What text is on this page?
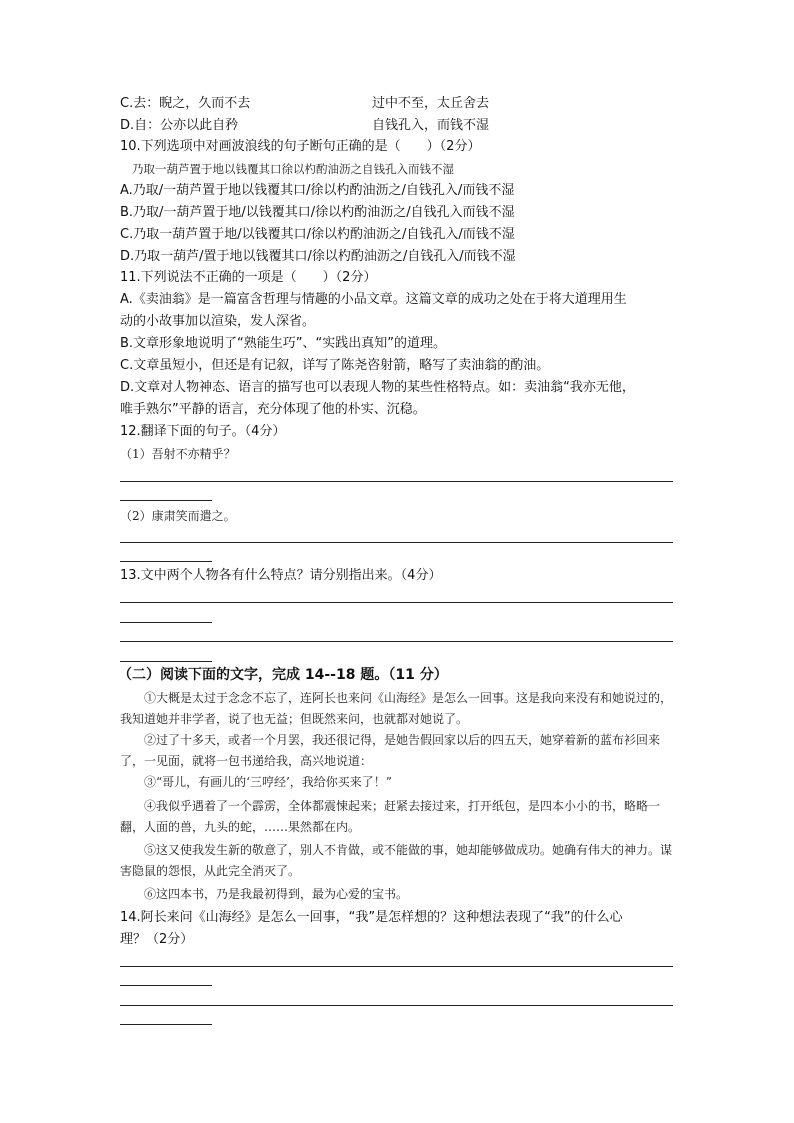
C.去：睨之，久而不去	过中不至，太丘舍去
D.自：公亦以此自矜	自钱孔入，而钱不湿
10.下列选项中对画波浪线的句子断句正确的是（　　）（2分）
乃取一葫芦置于地以钱覆其口徐以杓酌油沥之自钱孔入而钱不湿
A.乃取/一葫芦置于地以钱覆其口/徐以杓酌油沥之/自钱孔入/而钱不湿
B.乃取/一葫芦置于地/以钱覆其口/徐以杓酌油沥之/自钱孔入而钱不湿
C.乃取一葫芦置于地/以钱覆其口/徐以杓酌油沥之/自钱孔入/而钱不湿
D.乃取一葫芦/置于地以钱覆其口/徐以杓酌油沥之/自钱孔入/而钱不湿
11.下列说法不正确的一项是（　　）（2分）
A.《卖油翁》是一篇富含哲理与情趣的小品文章。这篇文章的成功之处在于将大道理用生
动的小故事加以渲染，发人深省。
B.文章形象地说明了“熟能生巧”、“实践出真知”的道理。
C.文章虽短小，但还是有记叙，详写了陈尧咨射箭，略写了卖油翁的酌油。
D.文章对人物神态、语言的描写也可以表现人物的某些性格特点。如：卖油翁“我亦无他，
唯手熟尔”平静的语言，充分体现了他的朴实、沉稳。
12.翻译下面的句子。（4分）
（1）吾射不亦精乎？
（2）康肃笑而遣之。
13.文中两个人物各有什么特点？请分别指出来。（4分）
（二）阅读下面的文字，完成 14--18 题。（11 分）
①大概是太过于念念不忘了，连阿长也来问《山海经》是怎么一回事。这是我向来没有和她说过的，我知道她并非学者，说了也无益；但既然来问，也就都对她说了。
②过了十多天，或者一个月罢，我还很记得，是她告假回家以后的四五天，她穿着新的蓝布衫回来了，一见面，就将一包书递给我，高兴地说道：
③“哥儿，有画儿的‘三哼经’，我给你买来了！”
④我似乎遇着了一个霹雳，全体都震悚起来；赶紧去接过来，打开纸包，是四本小小的书，略略一翻，人面的兽，九头的蛇，……果然都在内。
⑤这又使我发生新的敬意了，别人不肯做，或不能做的事，她却能够做成功。她确有伟大的神力。谋害隐鼠的怨恨，从此完全消灭了。
⑥这四本书，乃是我最初得到，最为心爱的宝书。
14.阿长来问《山海经》是怎么一回事，“我”是怎样想的？这种想法表现了“我”的什么心
理？（2分）
